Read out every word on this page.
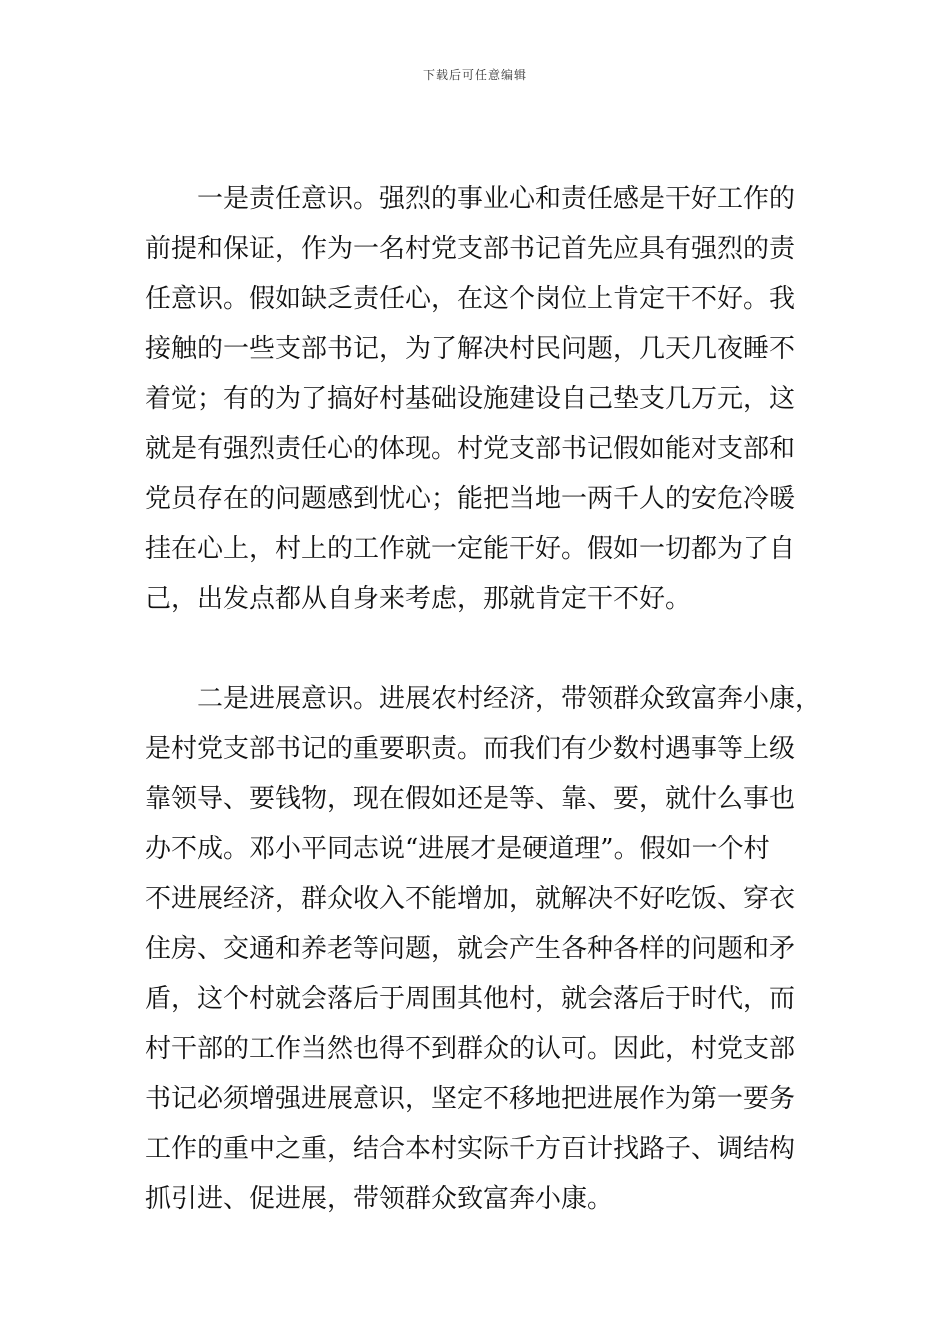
下载后可任意编辑
一是责任意识。强烈的事业心和责任感是干好工作的
前提和保证，作为一名村党支部书记首先应具有强烈的责
任意识。假如缺乏责任心，在这个岗位上肯定干不好。我
接触的一些支部书记，为了解决村民问题，几天几夜睡不
着觉；有的为了搞好村基础设施建设自己垫支几万元，这
就是有强烈责任心的体现。村党支部书记假如能对支部和
党员存在的问题感到忧心；能把当地一两千人的安危冷暖
挂在心上，村上的工作就一定能干好。假如一切都为了自
己，出发点都从自身来考虑，那就肯定干不好。
二是进展意识。进展农村经济，带领群众致富奔小康，
是村党支部书记的重要职责。而我们有少数村遇事等上级
靠领导、要钱物，现在假如还是等、靠、要，就什么事也
办不成。邓小平同志说“进展才是硬道理”。假如一个村
不进展经济，群众收入不能增加，就解决不好吃饭、穿衣
住房、交通和养老等问题，就会产生各种各样的问题和矛
盾，这个村就会落后于周围其他村，就会落后于时代，而
村干部的工作当然也得不到群众的认可。因此，村党支部
书记必须增强进展意识，坚定不移地把进展作为第一要务
工作的重中之重，结合本村实际千方百计找路子、调结构
抓引进、促进展，带领群众致富奔小康。
